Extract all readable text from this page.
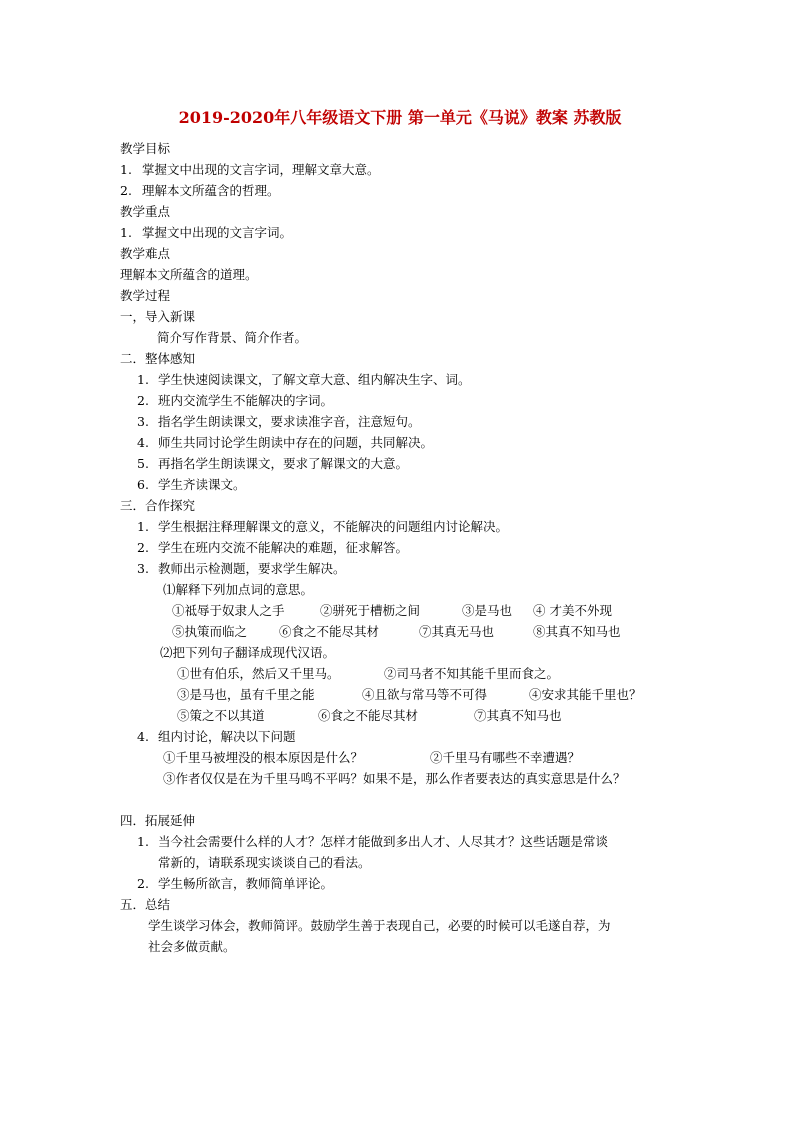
2019-2020年八年级语文下册 第一单元《马说》教案 苏教版
教学目标
1. 掌握文中出现的文言字词，理解文章大意。
2. 理解本文所蕴含的哲理。
教学重点
1. 掌握文中出现的文言字词。
教学难点
理解本文所蕴含的道理。
教学过程
一，导入新课
简介写作背景、简介作者。
二．整体感知
1. 学生快速阅读课文，了解文章大意、组内解决生字、词。
2. 班内交流学生不能解决的字词。
3. 指名学生朗读课文，要求读准字音，注意短句。
4. 师生共同讨论学生朗读中存在的问题，共同解决。
5. 再指名学生朗读课文，要求了解课文的大意。
6. 学生齐读课文。
三．合作探究
1. 学生根据注释理解课文的意义，不能解决的问题组内讨论解决。
2. 学生在班内交流不能解决的难题，征求解答。
3. 教师出示检测题，要求学生解决。
⑴解释下列加点词的意思。
①祗辱于奴隶人之手	②骈死于槽枥之间	③是马也 ④ 才美不外现
⑤执策而临之	⑥食之不能尽其材	⑦其真无马也	⑧其真不知马也
⑵把下列句子翻译成现代汉语。
①世有伯乐，然后又千里马。	②司马者不知其能千里而食之。
③是马也，虽有千里之能	④且欲与常马等不可得	④安求其能千里也？
⑤策之不以其道	⑥食之不能尽其材	⑦其真不知马也
4. 组内讨论，解决以下问题
①千里马被埋没的根本原因是什么？	②千里马有哪些不幸遭遇？
③作者仅仅是在为千里马鸣不平吗？如果不是，那么作者要表达的真实意思是什么？
四．拓展延伸
1. 当今社会需要什么样的人才？怎样才能做到多出人才、人尽其才？这些话题是常谈
常新的，请联系现实谈谈自己的看法。
2. 学生畅所欲言，教师简单评论。
五．总结
学生谈学习体会，教师简评。鼓励学生善于表现自己，必要的时候可以毛遂自荐，为
社会多做贡献。
